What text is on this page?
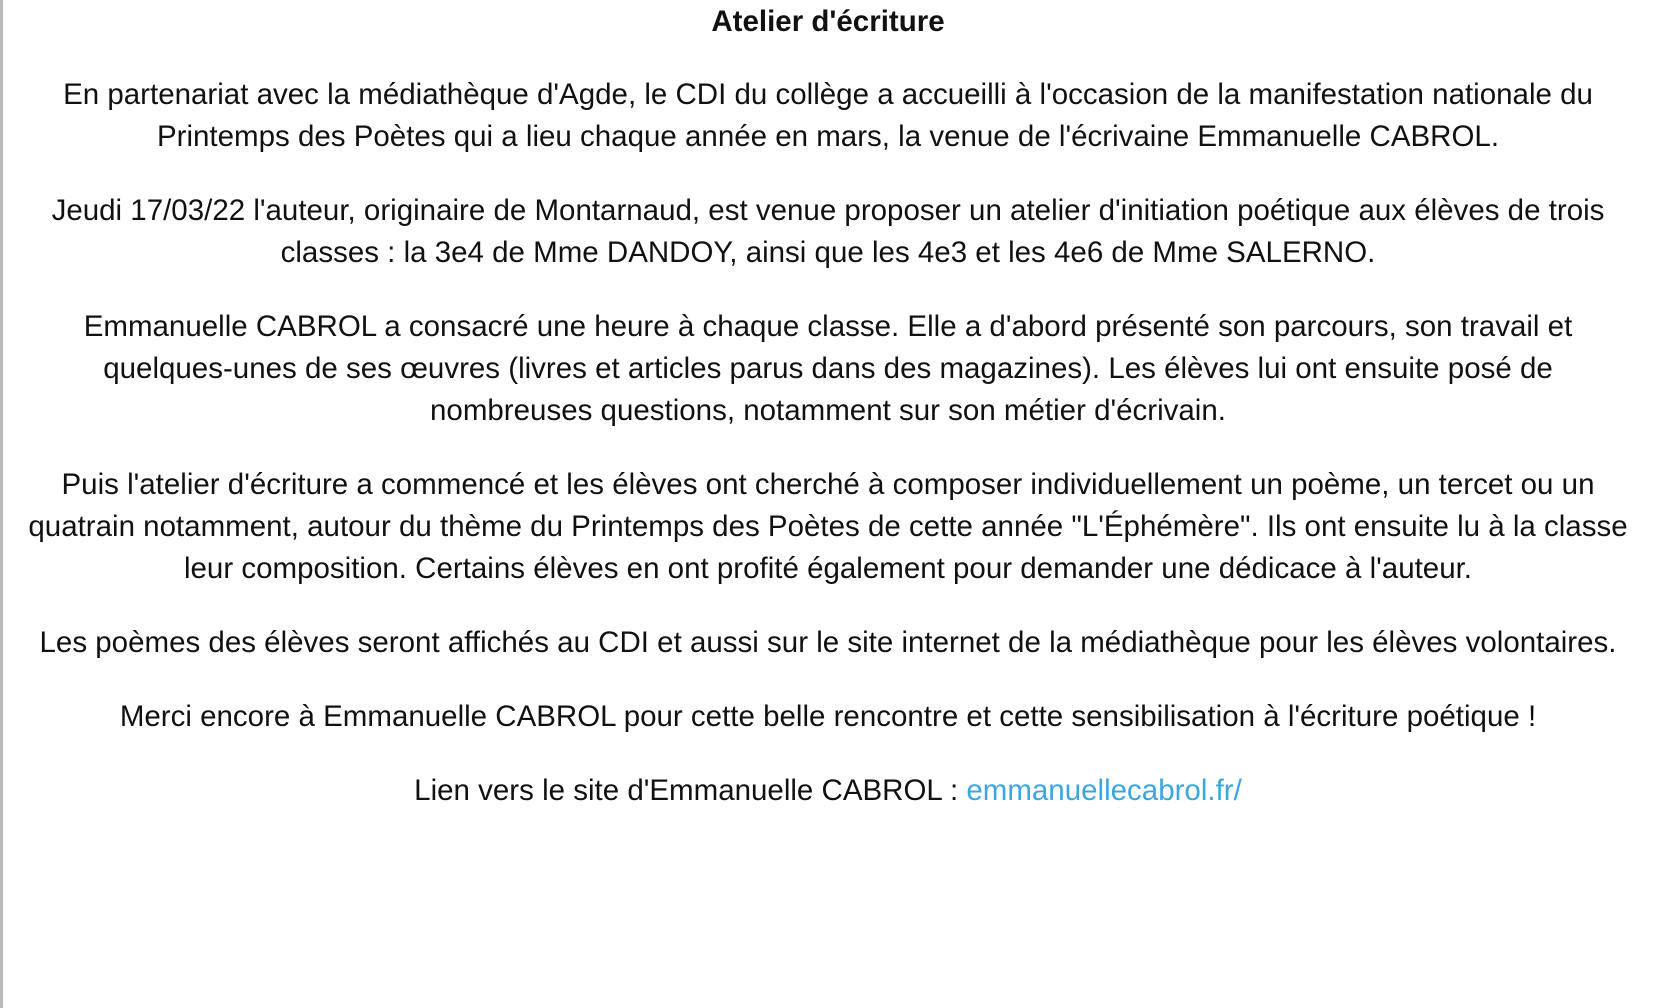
Atelier d'écriture

En partenariat avec la médiathèque d'Agde, le CDI du collège a accueilli à l'occasion de la manifestation nationale du Printemps des Poètes qui a lieu chaque année en mars, la venue de l'écrivaine Emmanuelle CABROL.

Jeudi 17/03/22 l'auteur, originaire de Montarnaud, est venue proposer un atelier d'initiation poétique aux élèves de trois classes : la 3e4 de Mme DANDOY, ainsi que les 4e3 et les 4e6 de Mme SALERNO.

Emmanuelle CABROL a consacré une heure à chaque classe. Elle a d'abord présenté son parcours, son travail et quelques-unes de ses œuvres (livres et articles parus dans des magazines). Les élèves lui ont ensuite posé de nombreuses questions, notamment sur son métier d'écrivain.

Puis l'atelier d'écriture a commencé et les élèves ont cherché à composer individuellement un poème, un tercet ou un quatrain notamment, autour du thème du Printemps des Poètes de cette année "L'Éphémère". Ils ont ensuite lu à la classe leur composition. Certains élèves en ont profité également pour demander une dédicace à l'auteur.

Les poèmes des élèves seront affichés au CDI et aussi sur le site internet de la médiathèque pour les élèves volontaires.

Merci encore à Emmanuelle CABROL pour cette belle rencontre et cette sensibilisation à l'écriture poétique !

Lien vers le site d'Emmanuelle CABROL : emmanuellecabrol.fr/
